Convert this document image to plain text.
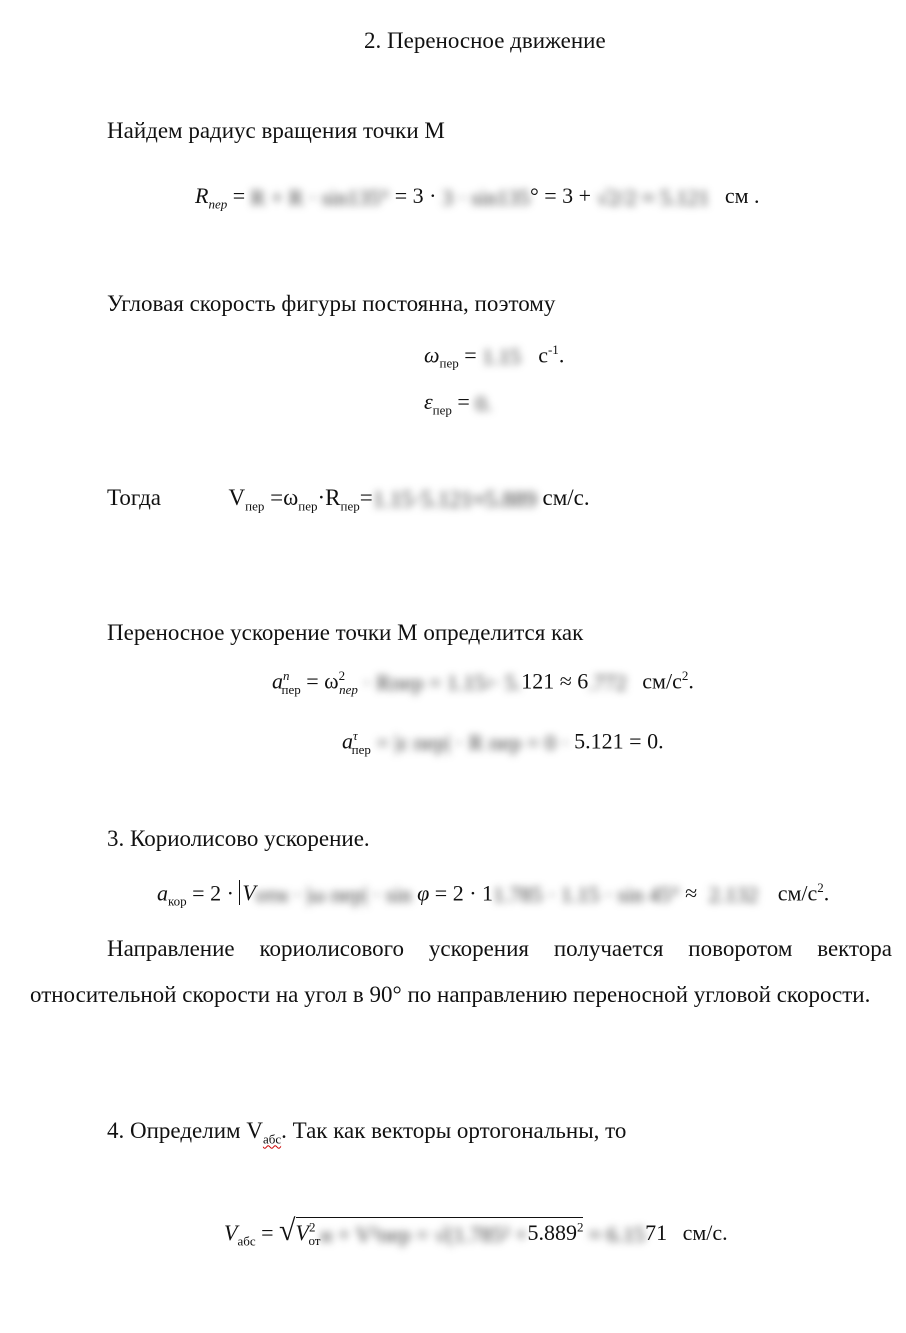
2. Переносное движение
Найдем радиус вращения точки М
$R_{пер} = R + R \cdot \sin 135^\circ = 3 \cdot 3 \cdot \sin 135^\circ = 3 + √2/2 \approx 5.121$ см .
Угловая скорость фигуры постоянна, поэтому
$\omega_{пер} = 1.15$ $с^{-1}$.
$\varepsilon_{пер} = 0$.
Тогда	$V_{пер} =\omega_{пер}\cdot R_{пер}=1.15\cdot 5.121\approx 5.889$ см/с.
Переносное ускорение точки М определится как
$a^n_{пер} = \omega^2_{пер}$ · Rпер = 1.152· 5.121 ≈ 6.772 $см/с^2$.
$a^\tau_{пер} = |\varepsilon$ пер| · R пер = 0 · 5.121 = 0.
3. Кориолисово ускорение.
$a_{кор} = 2$ · Vотн · |ω пер| · sin φ = 2 · 11.785 · 1.15 · sin 45° ≈ 2.132 $см/с^2$.
Направление кориолисового ускорения получается поворотом вектора относительной скорости на угол в 90° по направлению переносной угловой скорости.
4. Определим $V_{абс}$. Так как векторы ортогональны, то
$V_{абс} = √V^2_{от}н + V^2пер = √(1.785^2 +5.889^2 \approx 6.1571$ см/с.
